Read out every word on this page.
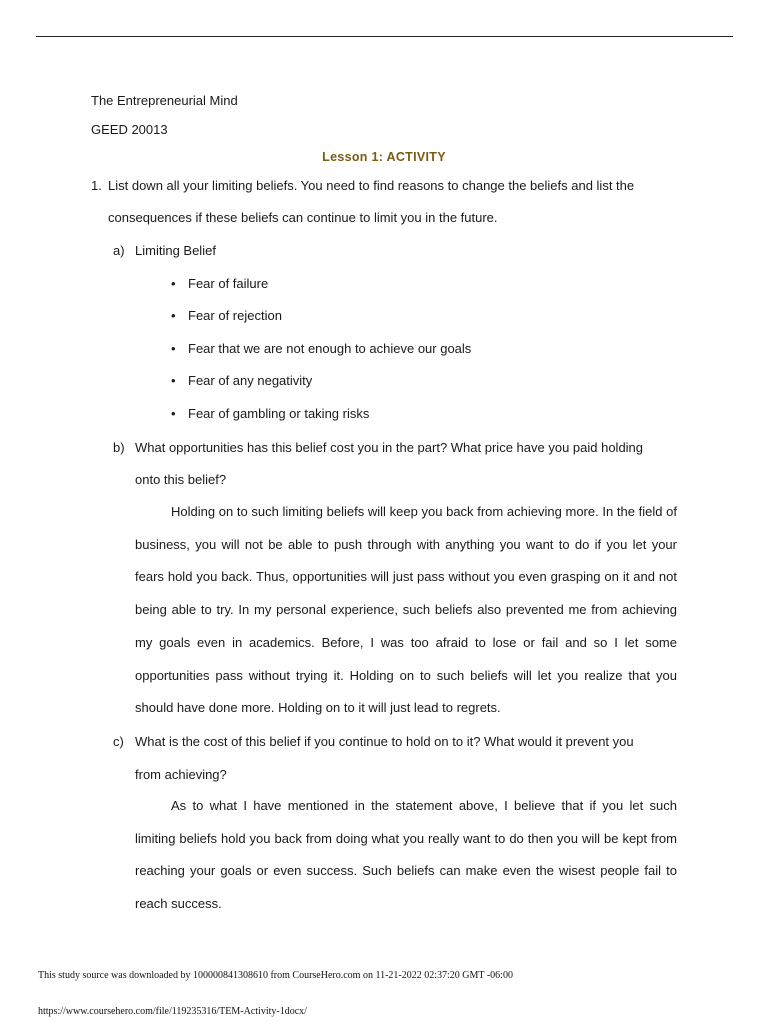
The Entrepreneurial Mind
GEED 20013
Lesson 1: ACTIVITY
1. List down all your limiting beliefs. You need to find reasons to change the beliefs and list the
consequences if these beliefs can continue to limit you in the future.
a) Limiting Belief
• Fear of failure
• Fear of rejection
• Fear that we are not enough to achieve our goals
• Fear of any negativity
• Fear of gambling or taking risks
b) What opportunities has this belief cost you in the part? What price have you paid holding
onto this belief?
Holding on to such limiting beliefs will keep you back from achieving more. In the field of business, you will not be able to push through with anything you want to do if you let your fears hold you back. Thus, opportunities will just pass without you even grasping on it and not being able to try. In my personal experience, such beliefs also prevented me from achieving my goals even in academics. Before, I was too afraid to lose or fail and so I let some opportunities pass without trying it. Holding on to such beliefs will let you realize that you should have done more. Holding on to it will just lead to regrets.
c) What is the cost of this belief if you continue to hold on to it? What would it prevent you
from achieving?
As to what I have mentioned in the statement above, I believe that if you let such limiting beliefs hold you back from doing what you really want to do then you will be kept from reaching your goals or even success. Such beliefs can make even the wisest people fail to reach success.
This study source was downloaded by 100000841308610 from CourseHero.com on 11-21-2022 02:37:20 GMT -06:00
https://www.coursehero.com/file/119235316/TEM-Activity-1docx/
